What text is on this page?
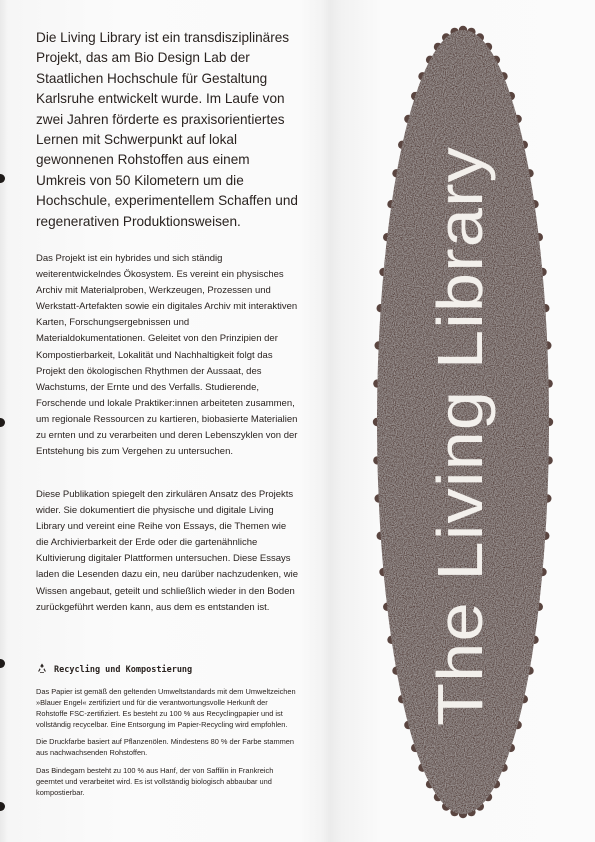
Die Living Library ist ein transdisziplinäres Projekt, das am Bio Design Lab der Staatlichen Hochschule für Gestaltung Karlsruhe entwickelt wurde. Im Laufe von zwei Jahren förderte es praxisorientiertes Lernen mit Schwerpunkt auf lokal gewonnenen Rohstoffen aus einem Umkreis von 50 Kilometern um die Hochschule, experimentellem Schaffen und regenerativen Produktionsweisen.

Das Projekt ist ein hybrides und sich ständig weiterentwickelndes Ökosystem. Es vereint ein physisches Archiv mit Materialproben, Werkzeugen, Prozessen und Werkstatt-Artefakten sowie ein digitales Archiv mit interaktiven Karten, Forschungsergebnissen und Materialdokumentationen. Geleitet von den Prinzipien der Kompostierbarkeit, Lokalität und Nachhaltigkeit folgt das Projekt den ökologischen Rhythmen der Aussaat, des Wachstums, der Ernte und des Verfalls. Studierende, Forschende und lokale Praktiker:innen arbeiteten zusammen, um regionale Ressourcen zu kartieren, biobasierte Materialien zu ernten und zu verarbeiten und deren Lebenszyklen von der Entstehung bis zum Vergehen zu untersuchen.

Diese Publikation spiegelt den zirkulären Ansatz des Projekts wider. Sie dokumentiert die physische und digitale Living Library und vereint eine Reihe von Essays, die Themen wie die Archivierbarkeit der Erde oder die gartenähnliche Kultivierung digitaler Plattformen untersuchen. Diese Essays laden die Lesenden dazu ein, neu darüber nachzudenken, wie Wissen angebaut, geteilt und schließlich wieder in den Boden zurückgeführt werden kann, aus dem es entstanden ist.

Recycling und Kompostierung

Das Papier ist gemäß den geltenden Umweltstandards mit dem Umweltzeichen »Blauer Engel« zertifiziert und für die verantwortungsvolle Herkunft der Rohstoffe FSC-zertifiziert. Es besteht zu 100 % aus Recyclingpapier und ist vollständig recycelbar. Eine Entsorgung im Papier-Recycling wird empfohlen.

Die Druckfarbe basiert auf Pflanzenölen. Mindestens 80 % der Farbe stammen aus nachwachsenden Rohstoffen.

Das Bindegarn besteht zu 100 % aus Hanf, der von Saffilin in Frankreich geerntet und verarbeitet wird. Es ist vollständig biologisch abbaubar und kompostierbar.

The Living Library
